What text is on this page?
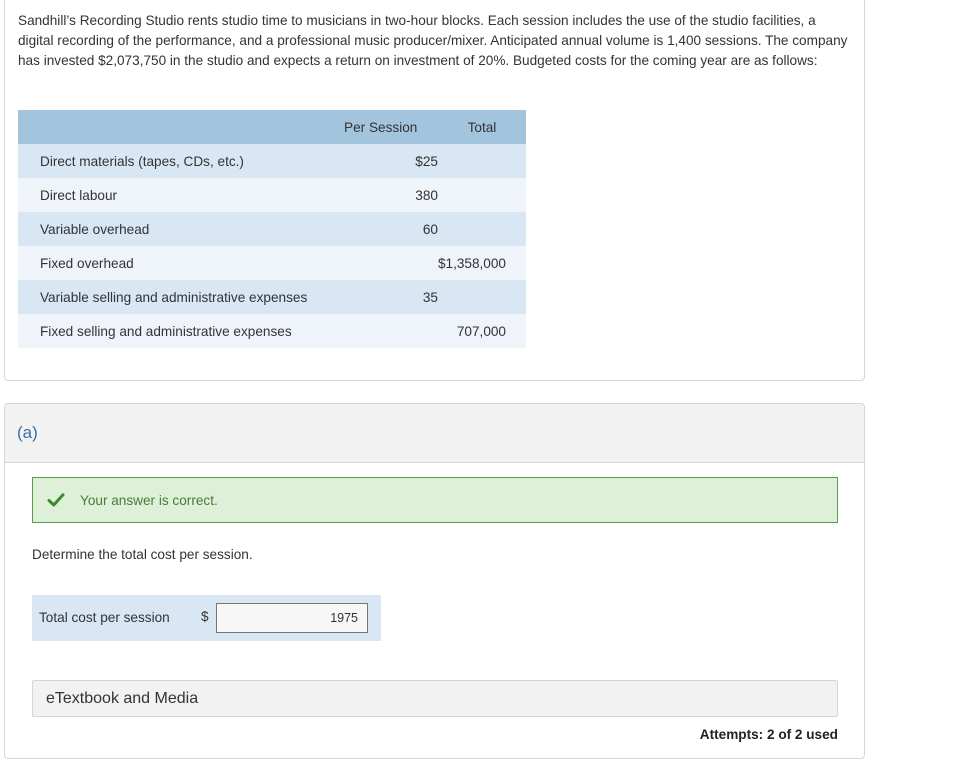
Sandhill’s Recording Studio rents studio time to musicians in two-hour blocks. Each session includes the use of the studio facilities, a digital recording of the performance, and a professional music producer/mixer. Anticipated annual volume is 1,400 sessions. The company has invested $2,073,750 in the studio and expects a return on investment of 20%. Budgeted costs for the coming year are as follows:
	Per Session	Total
Direct materials (tapes, CDs, etc.)	$25	
Direct labour	380	
Variable overhead	60	
Fixed overhead		$1,358,000
Variable selling and administrative expenses	35	
Fixed selling and administrative expenses		707,000
(a)
Your answer is correct.
Determine the total cost per session.
Total cost per session $
1975
eTextbook and Media
Attempts: 2 of 2 used
